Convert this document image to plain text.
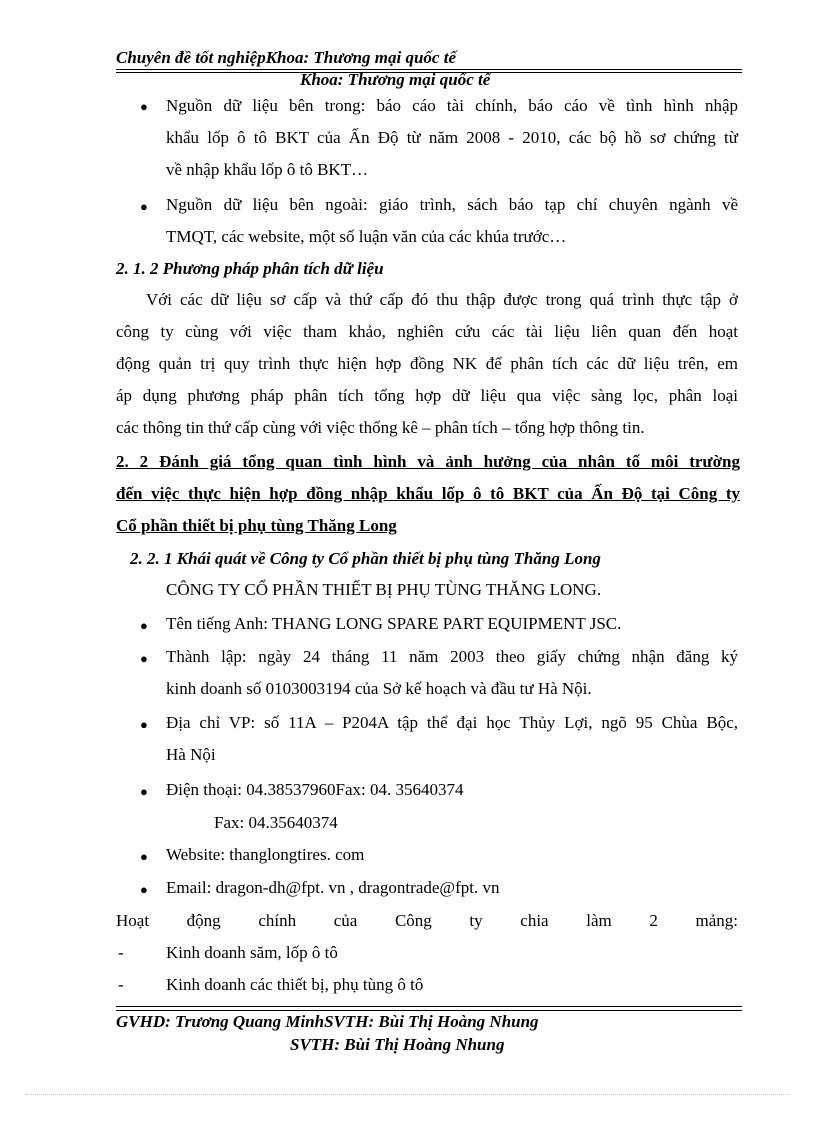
Chuyên đề tốt nghiệpKhoa: Thương mại quốc tế
Khoa: Thương mại quốc tế
● Nguồn dữ liệu bên trong: báo cáo tài chính, báo cáo về tình hình nhập
khẩu lốp ô tô BKT của Ấn Độ từ năm 2008 - 2010, các bộ hồ sơ chứng từ
về nhập khẩu lốp ô tô BKT…
● Nguồn dữ liệu bên ngoài: giáo trình, sách báo tạp chí chuyên ngành về
TMQT, các website, một số luận văn của các khúa trước…
2. 1. 2 Phương pháp phân tích dữ liệu
Với các dữ liệu sơ cấp và thứ cấp đó thu thập được trong quá trình thực tập ở
công ty cùng với việc tham khảo, nghiên cứu các tài liệu liên quan đến hoạt
động quản trị quy trình thực hiện hợp đồng NK để phân tích các dữ liệu trên, em
áp dụng phương pháp phân tích tổng hợp dữ liệu qua việc sàng lọc, phân loại
các thông tin thứ cấp cùng với việc thống kê – phân tích – tổng hợp thông tin.
2. 2 Đánh giá tổng quan tình hình và ảnh hưởng của nhân tố môi trường
đến việc thực hiện hợp đồng nhập khẩu lốp ô tô BKT của Ấn Độ tại Công ty
Cổ phần thiết bị phụ tùng Thăng Long
2. 2. 1 Khái quát về Công ty Cổ phần thiết bị phụ tùng Thăng Long
CÔNG TY CỔ PHẦN THIẾT BỊ PHỤ TÙNG THĂNG LONG.
● Tên tiếng Anh: THANG LONG SPARE PART EQUIPMENT JSC.
● Thành lập: ngày 24 tháng 11 năm 2003 theo giấy chứng nhận đăng ký
kinh doanh số 0103003194 của Sở kế hoạch và đầu tư Hà Nội.
● Địa chỉ VP: số 11A – P204A tập thể đại học Thủy Lợi, ngõ 95 Chùa Bộc,
Hà Nội
● Điện thoại: 04.38537960Fax: 04. 35640374
Fax: 04.35640374
● Website: thanglongtires. com
● Email: dragon-dh@fpt. vn , dragontrade@fpt. vn
Hoạt động chính của Công ty chia làm 2 mảng:
- Kinh doanh săm, lốp ô tô
- Kinh doanh các thiết bị, phụ tùng ô tô
GVHD: Trương Quang MinhSVTH: Bùi Thị Hoàng Nhung
SVTH: Bùi Thị Hoàng Nhung
